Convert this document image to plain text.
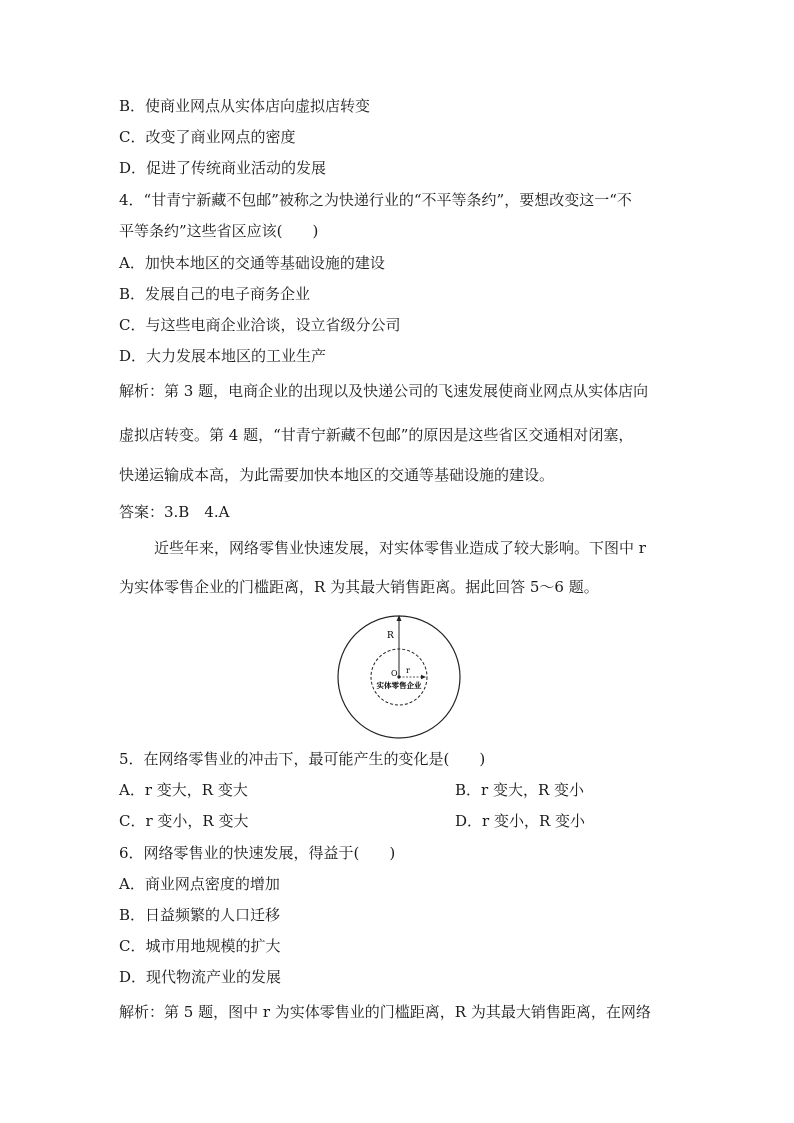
B．使商业网点从实体店向虚拟店转变
C．改变了商业网点的密度
D．促进了传统商业活动的发展
4．“甘青宁新藏不包邮”被称之为快递行业的“不平等条约”，要想改变这一“不
平等条约”这些省区应该(　　)
A．加快本地区的交通等基础设施的建设
B．发展自己的电子商务企业
C．与这些电商企业洽谈，设立省级分公司
D．大力发展本地区的工业生产
解析：第 3 题，电商企业的出现以及快递公司的飞速发展使商业网点从实体店向
虚拟店转变。第 4 题，“甘青宁新藏不包邮”的原因是这些省区交通相对闭塞，
快递运输成本高，为此需要加快本地区的交通等基础设施的建设。
答案：3.B　4.A
近些年来，网络零售业快速发展，对实体零售业造成了较大影响。下图中 r
为实体零售企业的门槛距离，R 为其最大销售距离。据此回答 5～6 题。
R
r
O
实体零售企业
5．在网络零售业的冲击下，最可能产生的变化是(　　)
A．r 变大，R 变大	B．r 变大，R 变小
C．r 变小，R 变大	D．r 变小，R 变小
6．网络零售业的快速发展，得益于(　　)
A．商业网点密度的增加
B．日益频繁的人口迁移
C．城市用地规模的扩大
D．现代物流产业的发展
解析：第 5 题，图中 r 为实体零售业的门槛距离，R 为其最大销售距离，在网络
